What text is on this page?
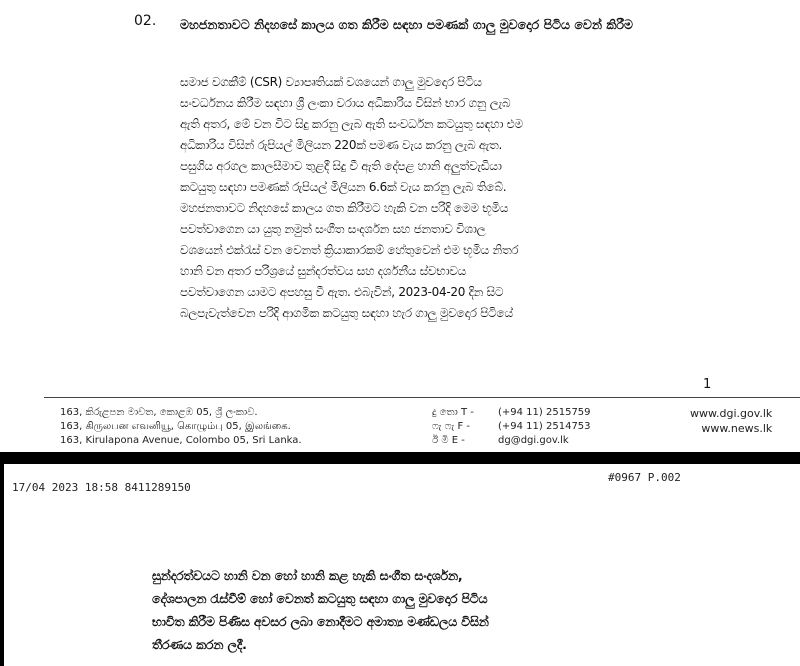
02. මහජනතාවට නිදහසේ කාලය ගත කිරීම සඳහා පමණක් ගාලු මුවදොර පිටිය වෙන් කිරීම
සමාජ වගකීම් (CSR) ව්‍යාපෘතියක් වශයෙන් ගාලු මුවදොර පිටිය
සංවර්ධනය කිරීම සඳහා ශ්‍රී ලංකා වරාය අධිකාරිය විසින් භාර ගනු ලැබ
ඇති අතර, මේ වන විට සිදු කරනු ලැබ ඇති සංවර්ධන කටයුතු සඳහා එම
අධිකාරිය විසින් රුපියල් මිලියන 220ක් පමණ වැය කරනු ලැබ ඇත.
පසුගිය අරගල කාලසීමාව තුළදී සිදු වී ඇති දේපළ හානි අලුත්වැඩියා
කටයුතු සඳහා පමණක් රුපියල් මිලියන 6.6ක් වැය කරනු ලැබ තිබේ.
මහජනතාවට නිදහසේ කාලය ගත කිරීමට හැකි වන පරිදි මෙම භූමිය
පවත්වාගෙන යා යුතු නමුත් සංගීත සංදර්ශන සහ ජනතාව විශාල
වශයෙන් එක්රැස් වන වෙනත් ක්‍රියාකාරකම් හේතුවෙන් එම භූමිය නිතර
හානි වන අතර පරිශ්‍රයේ සුන්දරත්වය සහ දර්ශනීය ස්වභාවය
පවත්වාගෙන යාමට අපහසු වී ඇත. එබැවින්, 2023-04-20 දින සිට
බලපැවැත්වෙන පරිදි ආගමික කටයුතු සඳහා හැර ගාලු මුවදොර පිටියේ
1
163, කිරුළපන මාවත, කොළඹ 05, ශ්‍රී ලංකාව.
163, கிருலபன எவனியூ, கொழும்பு 05, இலங்கை.
163, Kirulapona Avenue, Colombo 05, Sri Lanka.
දු තො T -	(+94 11) 2515759
ෆැ ෆැ F -	(+94 11) 2514753
ඊ මි E -	dg@dgi.gov.lk
www.dgi.gov.lk
www.news.lk
17/04 2023 18:58 8411289150
#0967 P.002
සුන්දරත්වයට හානි වන හෝ හානි කළ හැකි සංගීත සංදර්ශන,
දේශපාලන රැස්වීම් හෝ වෙනත් කටයුතු සඳහා ගාලු මුවදොර පිටිය
භාවිත කිරීම පිණිස අවසර ලබා නොදීමට අමාත්‍ය මණ්ඩලය විසින්
තීරණය කරන ලදී.
